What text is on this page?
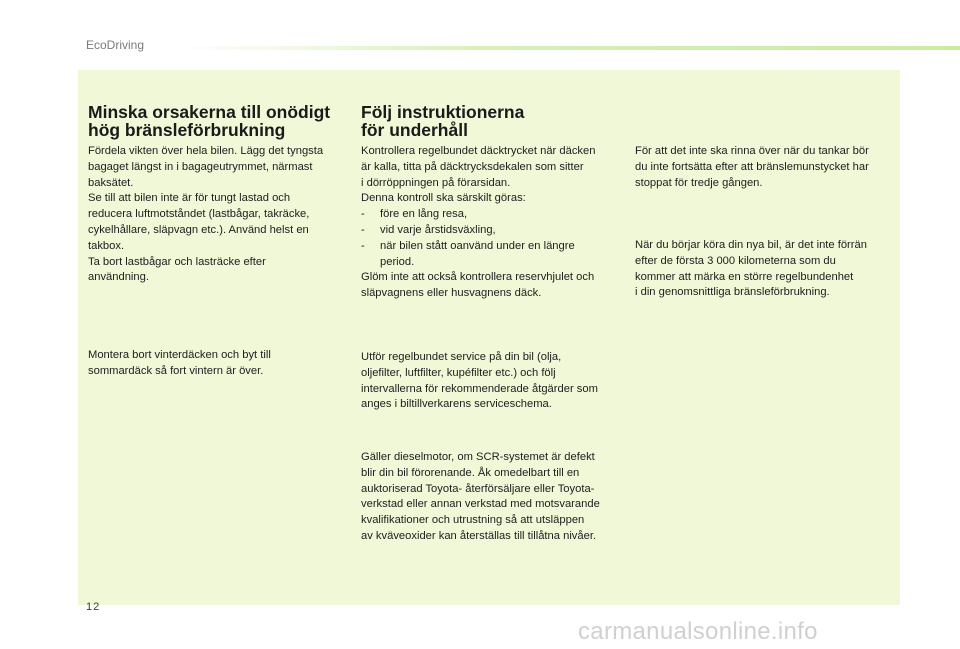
EcoDriving
Minska orsakerna till onödigt
hög bränsleförbrukning

Fördela vikten över hela bilen. Lägg det tyngsta
bagaget längst in i bagageutrymmet, närmast
baksätet.
Se till att bilen inte är för tungt lastad och
reducera luftmotståndet (lastbågar, takräcke,
cykelhållare, släpvagn etc.). Använd helst en
takbox.
Ta bort lastbågar och lasträcke efter
användning.

Montera bort vinterdäcken och byt till
sommardäck så fort vintern är över.

Följ instruktionerna
för underhåll

Kontrollera regelbundet däcktrycket när däcken
är kalla, titta på däcktrycksdekalen som sitter
i dörröppningen på förarsidan.
Denna kontroll ska särskilt göras:

- före en lång resa,
- vid varje årstidsväxling,
- när bilen stått oanvänd under en längre
period.

Glöm inte att också kontrollera reservhjulet och
släpvagnens eller husvagnens däck.

Utför regelbundet service på din bil (olja,
oljefilter, luftfilter, kupéfilter etc.) och följ
intervallerna för rekommenderade åtgärder som
anges i biltillverkarens serviceschema.

Gäller dieselmotor, om SCR-systemet är defekt
blir din bil förorenande. Åk omedelbart till en
auktoriserad Toyota- återförsäljare eller Toyota-
verkstad eller annan verkstad med motsvarande
kvalifikationer och utrustning så att utsläppen
av kväveoxider kan återställas till tillåtna nivåer.

För att det inte ska rinna över när du tankar bör
du inte fortsätta efter att bränslemunstycket har
stoppat för tredje gången.

När du börjar köra din nya bil, är det inte förrän
efter de första 3 000 kilometerna som du
kommer att märka en större regelbundenhet
i din genomsnittliga bränsleförbrukning.

12
carmanualsonline.info
